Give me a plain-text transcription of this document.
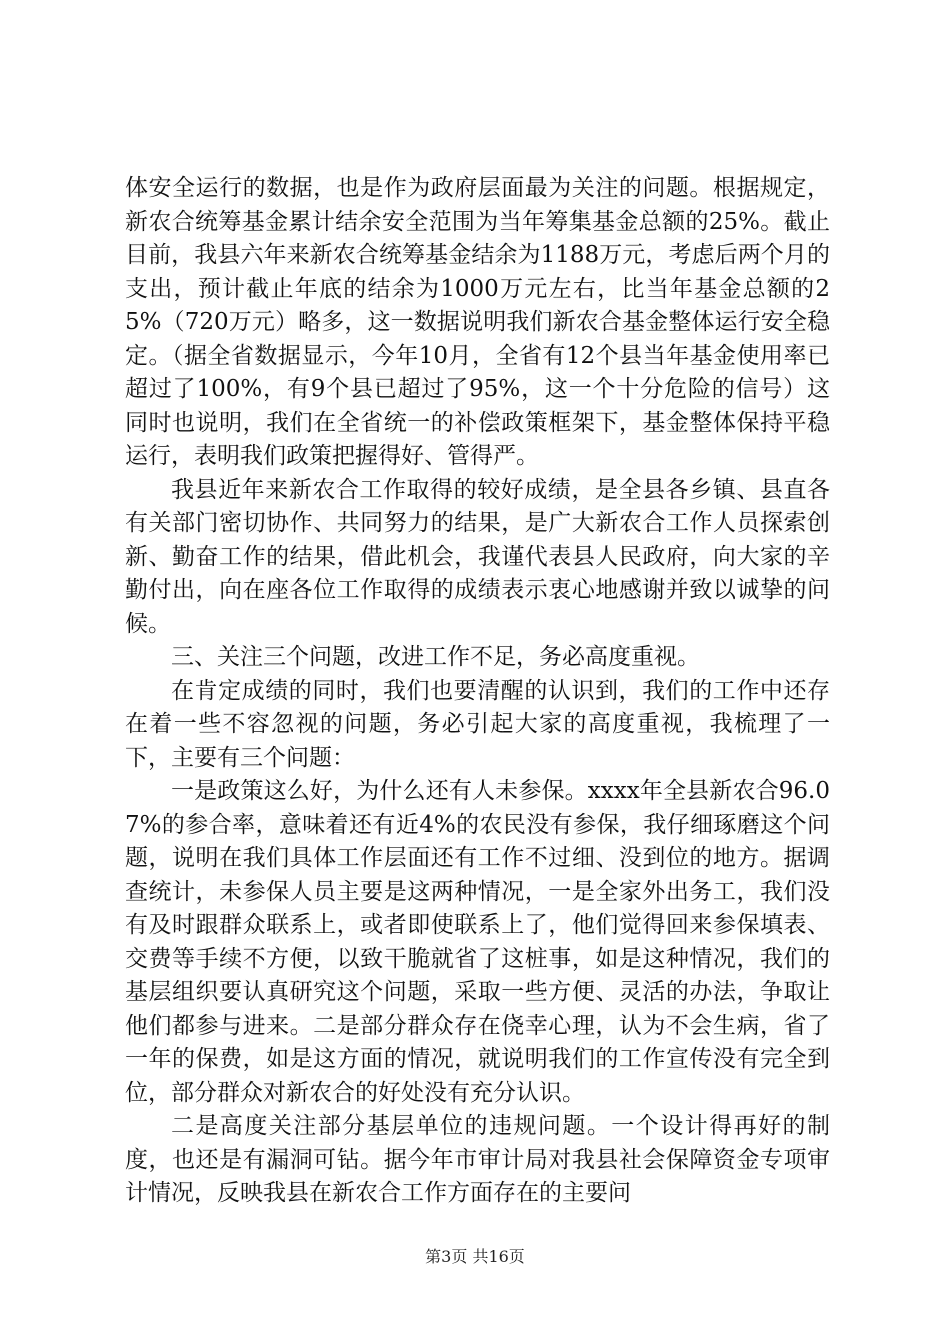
体安全运行的数据，也是作为政府层面最为关注的问题。根据规定，新农合统筹基金累计结余安全范围为当年筹集基金总额的25%。截止目前，我县六年来新农合统筹基金结余为1188万元，考虑后两个月的支出，预计截止年底的结余为1000万元左右，比当年基金总额的25%（720万元）略多，这一数据说明我们新农合基金整体运行安全稳定。（据全省数据显示，今年10月，全省有12个县当年基金使用率已超过了100%，有9个县已超过了95%，这一个十分危险的信号）这同时也说明，我们在全省统一的补偿政策框架下，基金整体保持平稳运行，表明我们政策把握得好、管得严。

我县近年来新农合工作取得的较好成绩，是全县各乡镇、县直各有关部门密切协作、共同努力的结果，是广大新农合工作人员探索创新、勤奋工作的结果，借此机会，我谨代表县人民政府，向大家的辛勤付出，向在座各位工作取得的成绩表示衷心地感谢并致以诚挚的问候。

三、关注三个问题，改进工作不足，务必高度重视。

在肯定成绩的同时，我们也要清醒的认识到，我们的工作中还存在着一些不容忽视的问题，务必引起大家的高度重视，我梳理了一下，主要有三个问题：

一是政策这么好，为什么还有人未参保。xxxx年全县新农合96.07%的参合率，意味着还有近4%的农民没有参保，我仔细琢磨这个问题，说明在我们具体工作层面还有工作不过细、没到位的地方。据调查统计，未参保人员主要是这两种情况，一是全家外出务工，我们没有及时跟群众联系上，或者即使联系上了，他们觉得回来参保填表、交费等手续不方便，以致干脆就省了这桩事，如是这种情况，我们的基层组织要认真研究这个问题，采取一些方便、灵活的办法，争取让他们都参与进来。二是部分群众存在侥幸心理，认为不会生病，省了一年的保费，如是这方面的情况，就说明我们的工作宣传没有完全到位，部分群众对新农合的好处没有充分认识。

二是高度关注部分基层单位的违规问题。一个设计得再好的制度，也还是有漏洞可钻。据今年市审计局对我县社会保障资金专项审计情况，反映我县在新农合工作方面存在的主要问

第3页 共16页
